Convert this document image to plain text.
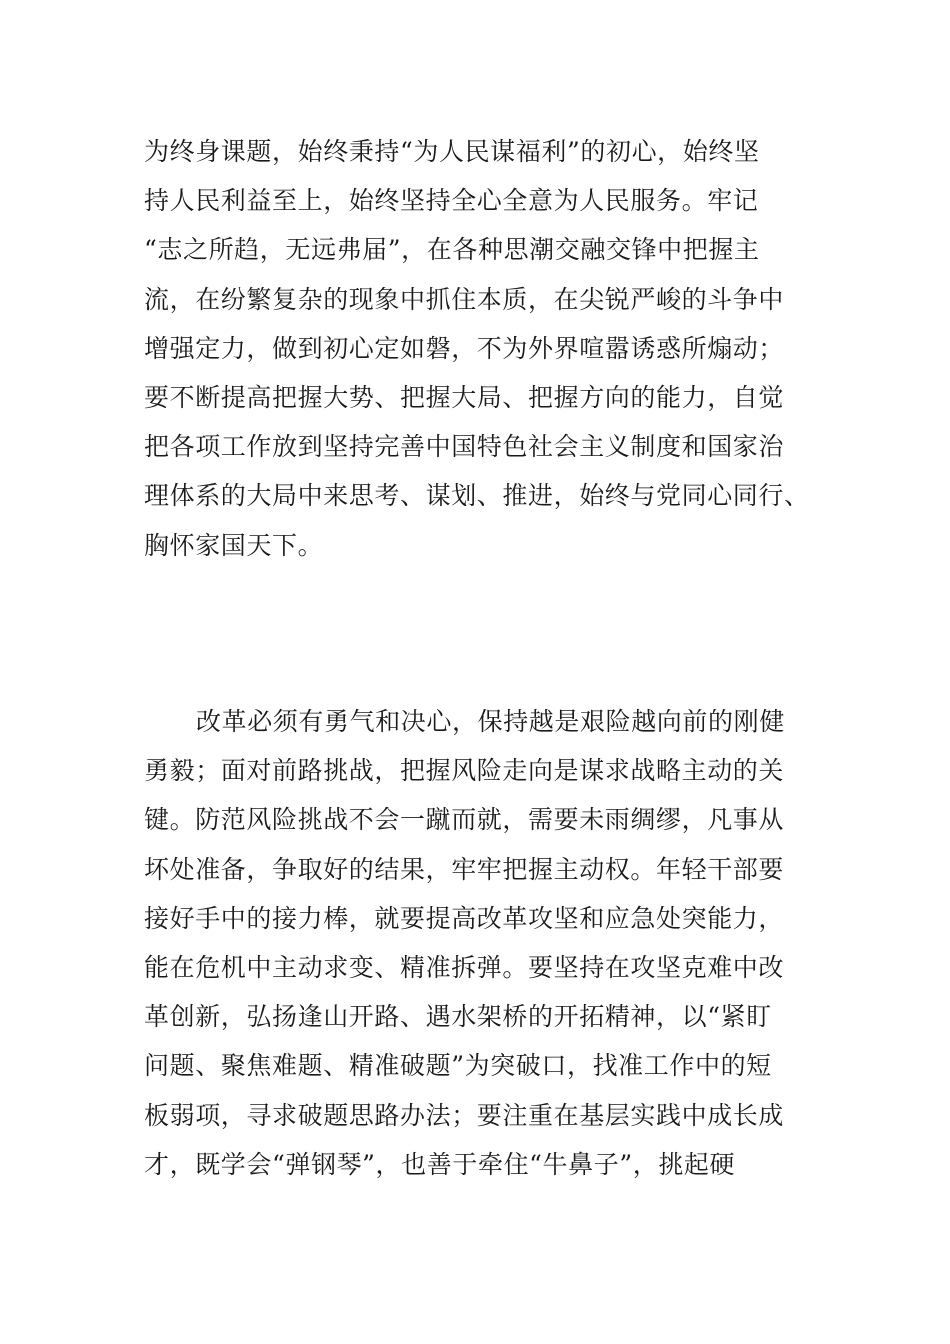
为终身课题，始终秉持“为人民谋福利”的初心，始终坚
持人民利益至上，始终坚持全心全意为人民服务。牢记
“志之所趋，无远弗届”，在各种思潮交融交锋中把握主
流，在纷繁复杂的现象中抓住本质，在尖锐严峻的斗争中
增强定力，做到初心定如磐，不为外界喧嚣诱惑所煽动；
要不断提高把握大势、把握大局、把握方向的能力，自觉
把各项工作放到坚持完善中国特色社会主义制度和国家治
理体系的大局中来思考、谋划、推进，始终与党同心同行、
胸怀家国天下。
改革必须有勇气和决心，保持越是艰险越向前的刚健
勇毅；面对前路挑战，把握风险走向是谋求战略主动的关
键。防范风险挑战不会一蹴而就，需要未雨绸缪，凡事从
坏处准备，争取好的结果，牢牢把握主动权。年轻干部要
接好手中的接力棒，就要提高改革攻坚和应急处突能力，
能在危机中主动求变、精准拆弹。要坚持在攻坚克难中改
革创新，弘扬逢山开路、遇水架桥的开拓精神，以“紧盯
问题、聚焦难题、精准破题”为突破口，找准工作中的短
板弱项，寻求破题思路办法；要注重在基层实践中成长成
才，既学会“弹钢琴”，也善于牵住“牛鼻子”，挑起硬
